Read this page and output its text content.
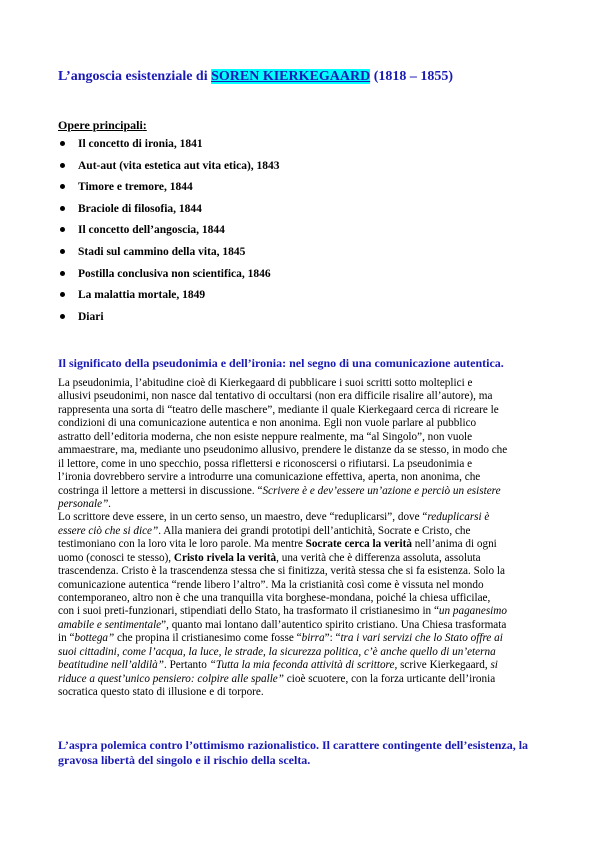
L’angoscia esistenziale di SOREN KIERKEGAARD (1818 – 1855)
Opere principali:
Il concetto di ironia, 1841
Aut-aut (vita estetica aut vita etica), 1843
Timore e tremore, 1844
Braciole di filosofia, 1844
Il concetto dell’angoscia, 1844
Stadi sul cammino della vita, 1845
Postilla conclusiva non scientifica, 1846
La malattia mortale, 1849
Diari
Il significato della pseudonimia e dell’ironia: nel segno di una comunicazione autentica.
La pseudonimia, l’abitudine cioè di Kierkegaard di pubblicare i suoi scritti sotto molteplici e
allusivi pseudonimi, non nasce dal tentativo di occultarsi (non era difficile risalire all’autore), ma
rappresenta una sorta di “teatro delle maschere”, mediante il quale Kierkegaard cerca di ricreare le
condizioni di una comunicazione autentica e non anonima. Egli non vuole parlare al pubblico
astratto dell’editoria moderna, che non esiste neppure realmente, ma “al Singolo”, non vuole
ammaestrare, ma, mediante uno pseudonimo allusivo, prendere le distanze da se stesso, in modo che
il lettore, come in uno specchio, possa riflettersi e riconoscersi o rifiutarsi. La pseudonimia e
l’ironia dovrebbero servire a introdurre una comunicazione effettiva, aperta, non anonima, che
costringa il lettore a mettersi in discussione. “Scrivere è e dev’essere un’azione e perciò un esistere
personale”.
Lo scrittore deve essere, in un certo senso, un maestro, deve “reduplicarsi”, dove “reduplicarsi è
essere ciò che si dice”. Alla maniera dei grandi prototipi dell’antichità, Socrate e Cristo, che
testimoniano con la loro vita le loro parole. Ma mentre Socrate cerca la verità nell’anima di ogni
uomo (conosci te stesso), Cristo rivela la verità, una verità che è differenza assoluta, assoluta
trascendenza. Cristo è la trascendenza stessa che si finitizza, verità stessa che si fa esistenza. Solo la
comunicazione autentica “rende libero l’altro”. Ma la cristianità così come è vissuta nel mondo
contemporaneo, altro non è che una tranquilla vita borghese-mondana, poiché la chiesa ufficilae,
con i suoi preti-funzionari, stipendiati dello Stato, ha trasformato il cristianesimo in “un paganesimo
amabile e sentimentale”, quanto mai lontano dall’autentico spirito cristiano. Una Chiesa trasformata
in “bottega” che propina il cristianesimo come fosse “birra”: “tra i vari servizi che lo Stato offre ai
suoi cittadini, come l’acqua, la luce, le strade, la sicurezza politica, c’è anche quello di un’eterna
beatitudine nell’aldilà”. Pertanto “Tutta la mia feconda attività di scrittore, scrive Kierkegaard, si
riduce a quest’unico pensiero: colpire alle spalle” cioè scuotere, con la forza urticante dell’ironia
socratica questo stato di illusione e di torpore.
L’aspra polemica contro l’ottimismo razionalistico. Il carattere contingente dell’esistenza, la gravosa libertà del singolo e il rischio della scelta.
